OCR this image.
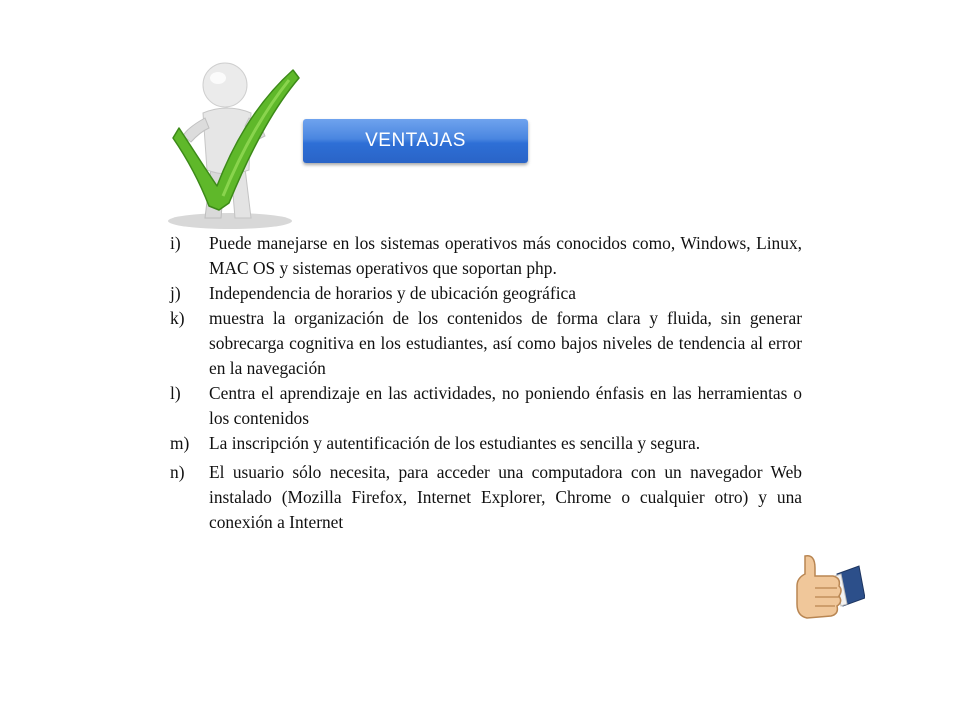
VENTAJAS
i)	Puede manejarse en los sistemas operativos más conocidos como, Windows, Linux, MAC OS y sistemas operativos que soportan php.
j)	Independencia de horarios y de ubicación geográfica
k)	muestra la organización de los contenidos de forma clara y fluida, sin generar sobrecarga cognitiva en los estudiantes, así como bajos niveles de tendencia al error en la navegación
l)	Centra el aprendizaje en las actividades, no poniendo énfasis en las herramientas o los contenidos
m)	La inscripción y autentificación de los estudiantes es sencilla y segura.
n)	El usuario sólo necesita, para acceder una computadora con un navegador Web instalado (Mozilla Firefox, Internet Explorer, Chrome o cualquier otro) y una conexión a Internet
